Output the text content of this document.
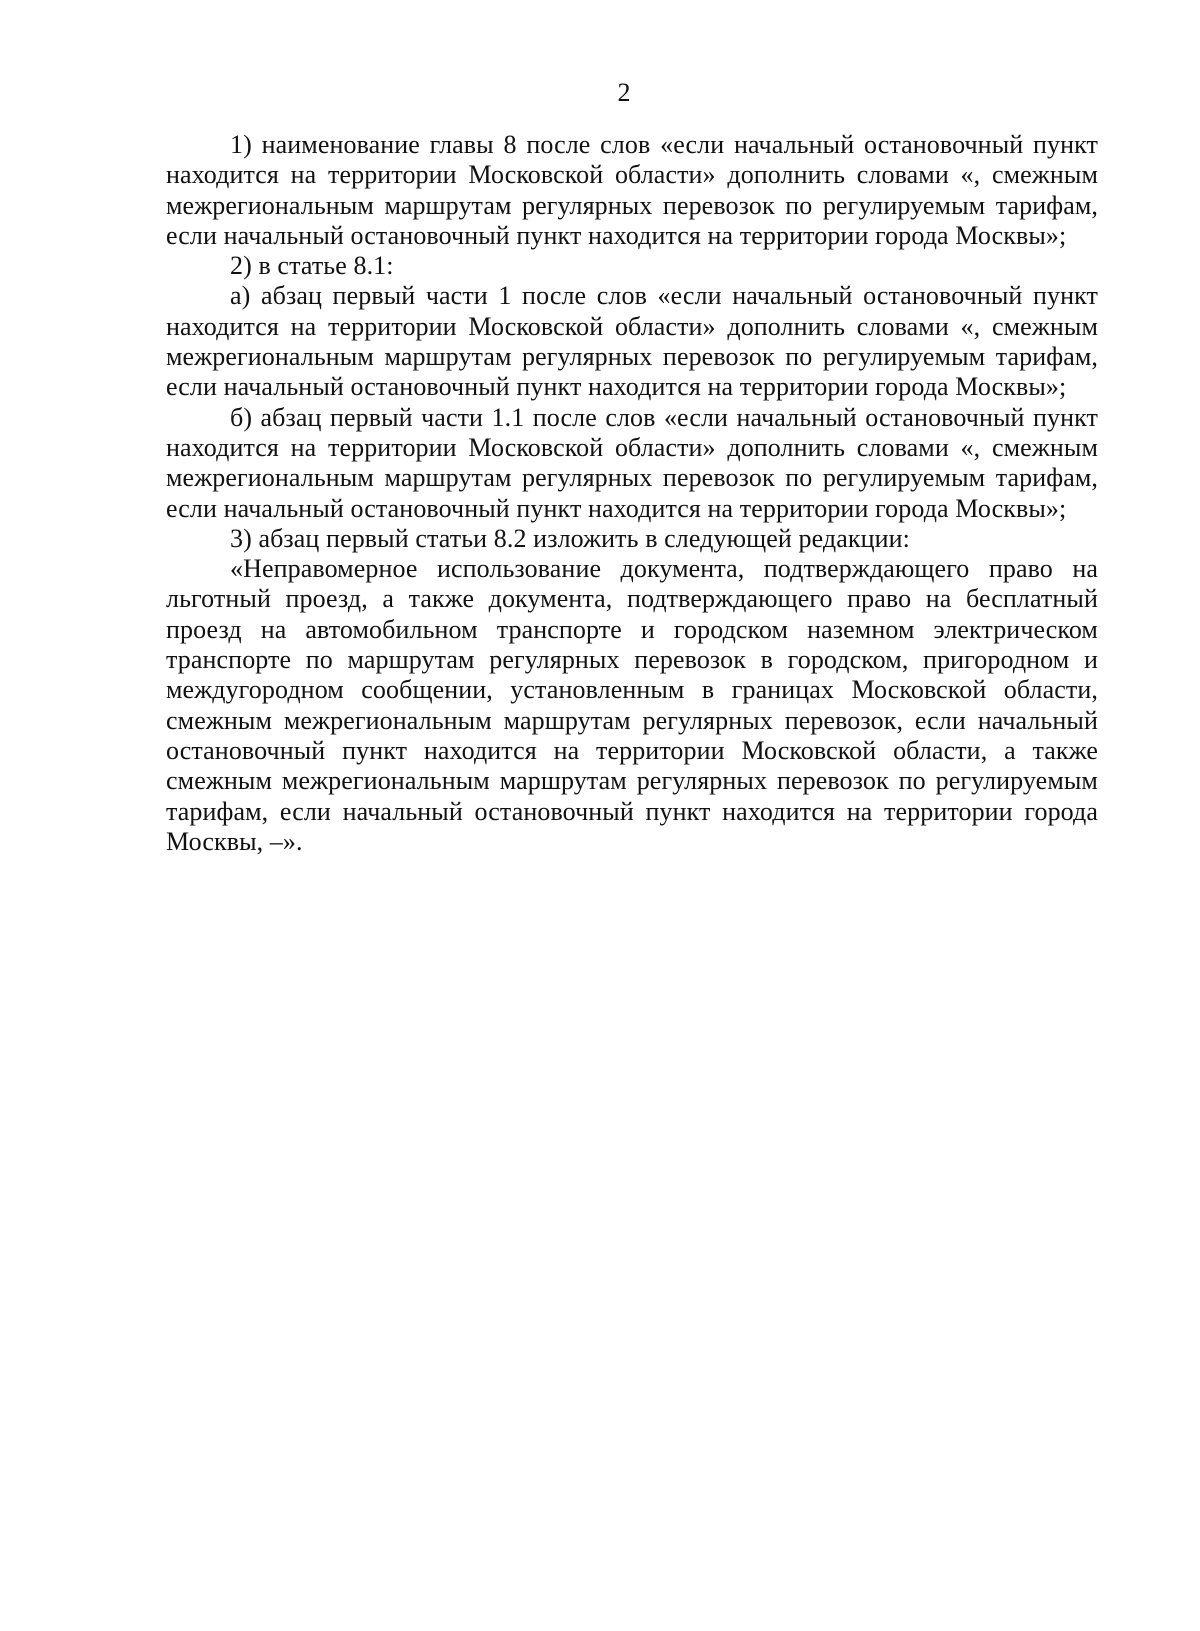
2

1) наименование главы 8 после слов «если начальный остановочный пункт находится на территории Московской области» дополнить словами «, смежным межрегиональным маршрутам регулярных перевозок по регулируемым тарифам, если начальный остановочный пункт находится на территории города Москвы»;

2) в статье 8.1:

а) абзац первый части 1 после слов «если начальный остановочный пункт находится на территории Московской области» дополнить словами «, смежным межрегиональным маршрутам регулярных перевозок по регулируемым тарифам, если начальный остановочный пункт находится на территории города Москвы»;

б) абзац первый части 1.1 после слов «если начальный остановочный пункт находится на территории Московской области» дополнить словами «, смежным межрегиональным маршрутам регулярных перевозок по регулируемым тарифам, если начальный остановочный пункт находится на территории города Москвы»;

3) абзац первый статьи 8.2 изложить в следующей редакции:

«Неправомерное использование документа, подтверждающего право на льготный проезд, а также документа, подтверждающего право на бесплатный проезд на автомобильном транспорте и городском наземном электрическом транспорте по маршрутам регулярных перевозок в городском, пригородном и междугородном сообщении, установленным в границах Московской области, смежным межрегиональным маршрутам регулярных перевозок, если начальный остановочный пункт находится на территории Московской области, а также смежным межрегиональным маршрутам регулярных перевозок по регулируемым тарифам, если начальный остановочный пункт находится на территории города Москвы, –».
